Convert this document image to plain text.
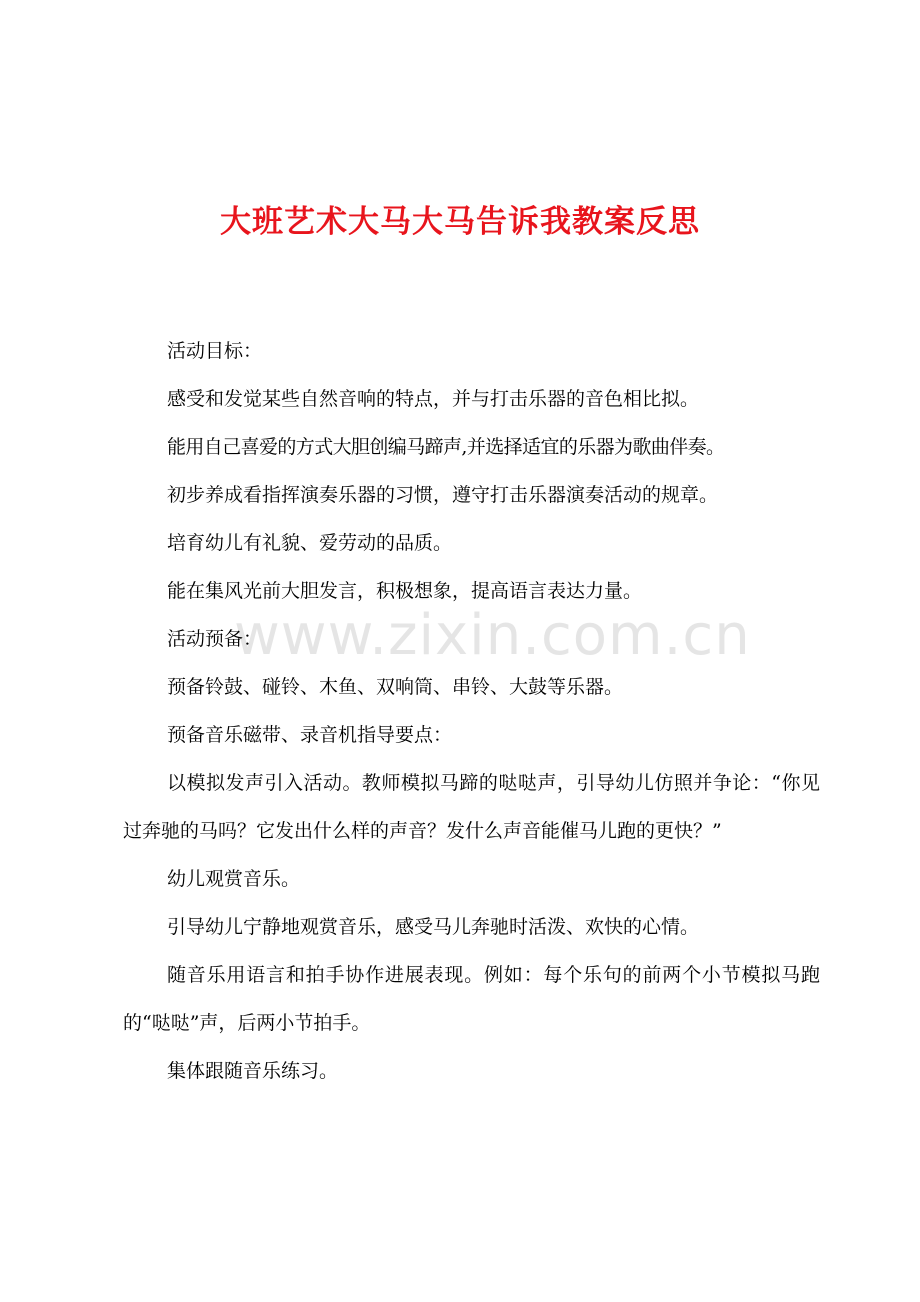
大班艺术大马大马告诉我教案反思
www.zixin.com.cn

活动目标：

感受和发觉某些自然音响的特点，并与打击乐器的音色相比拟。

能用自己喜爱的方式大胆创编马蹄声,并选择适宜的乐器为歌曲伴奏。

初步养成看指挥演奏乐器的习惯，遵守打击乐器演奏活动的规章。

培育幼儿有礼貌、爱劳动的品质。

能在集风光前大胆发言，积极想象，提高语言表达力量。

活动预备：

预备铃鼓、碰铃、木鱼、双响筒、串铃、大鼓等乐器。

预备音乐磁带、录音机指导要点：

以模拟发声引入活动。教师模拟马蹄的哒哒声，引导幼儿仿照并争论：“你见过奔驰的马吗？它发出什么样的声音？发什么声音能催马儿跑的更快？”

幼儿观赏音乐。

引导幼儿宁静地观赏音乐，感受马儿奔驰时活泼、欢快的心情。

随音乐用语言和拍手协作进展表现。例如：每个乐句的前两个小节模拟马跑的“哒哒”声，后两小节拍手。

集体跟随音乐练习。
